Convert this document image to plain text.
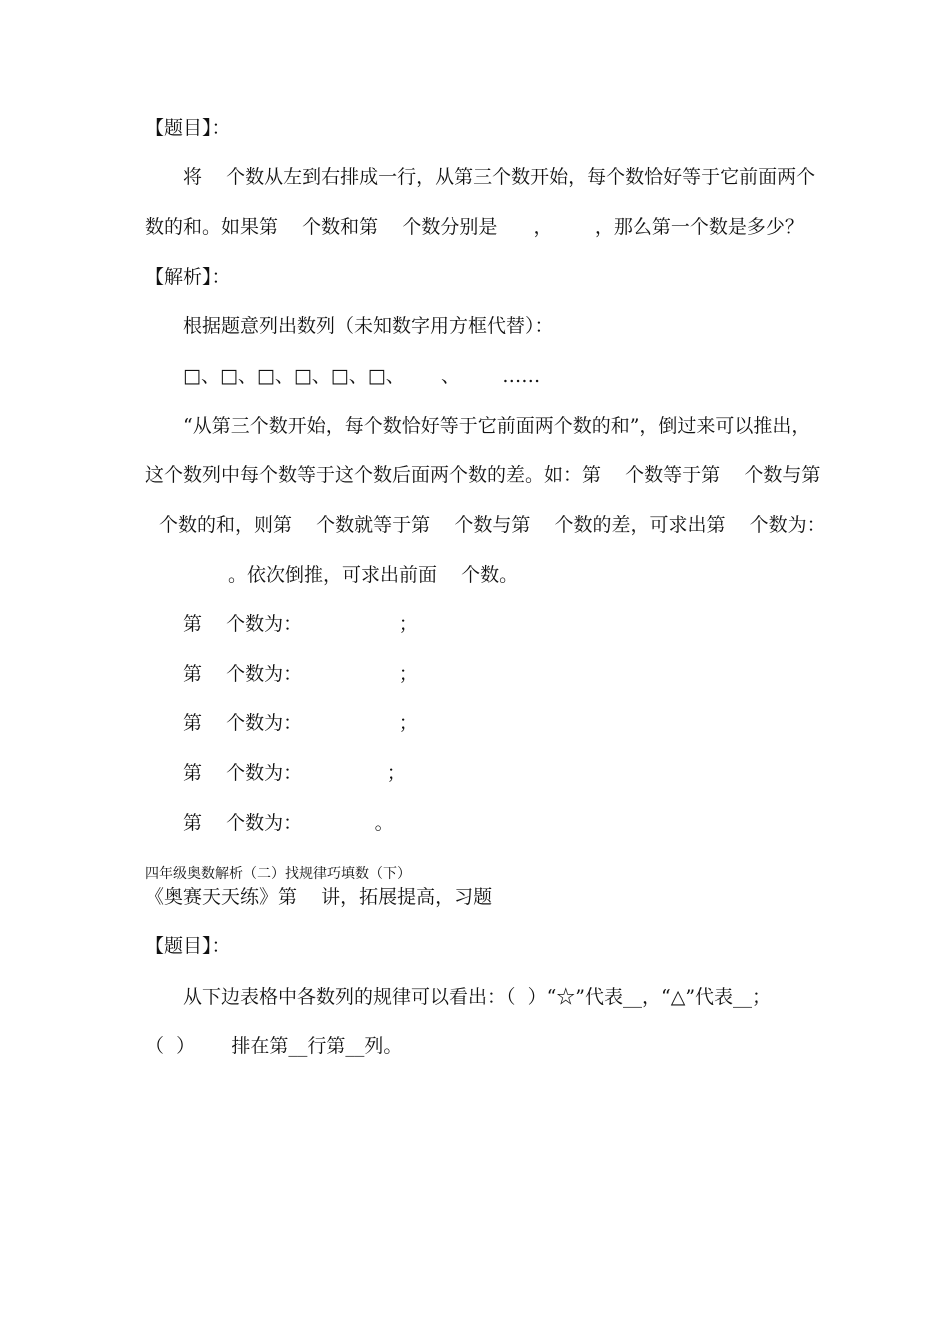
【题目】：
将    个数从左到右排成一行，从第三个数开始，每个数恰好等于它前面两个
数的和。如果第    个数和第    个数分别是      ，       ，那么第一个数是多少？
【解析】：
根据题意列出数列（未知数字用方框代替）：
□、□、□、□、□、□、      、       ……
“从第三个数开始，每个数恰好等于它前面两个数的和”，倒过来可以推出，
这个数列中每个数等于这个数后面两个数的差。如：第    个数等于第    个数与第
个数的和，则第    个数就等于第    个数与第    个数的差，可求出第    个数为：
。依次倒推，可求出前面    个数。
第    个数为：                ；
第    个数为：                ；
第    个数为：                ；
第    个数为：              ；
第    个数为：            。
四年级奥数解析（二）找规律巧填数（下）
《奥赛天天练》第    讲，拓展提高，习题
【题目】：
从下边表格中各数列的规律可以看出：（  ）“☆”代表__，“△”代表__；
（  ）      排在第__行第__列。
